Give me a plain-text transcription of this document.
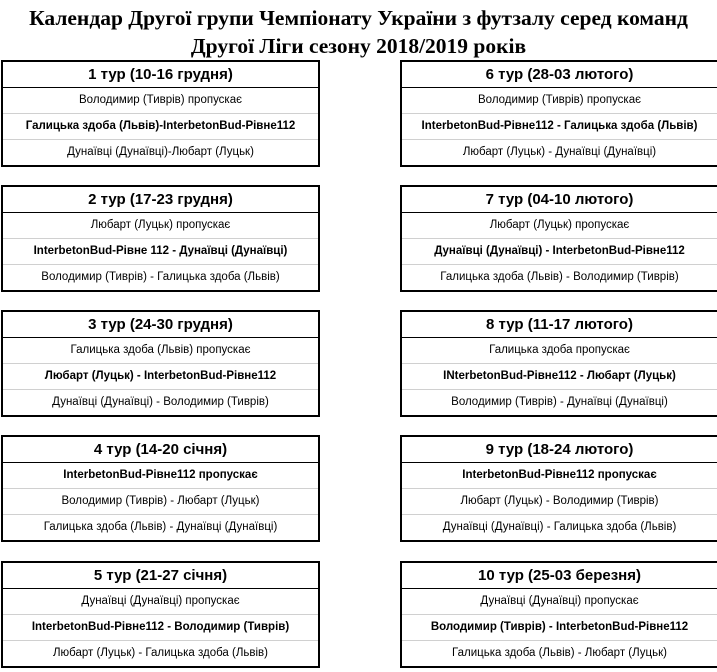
Календар Другої групи Чемпіонату України з футзалу серед команд
Другої Ліги сезону 2018/2019 років
1 тур (10-16 грудня)
Володимир (Тиврів) пропускає
Галицька здоба (Львів)-InterbetonBud-Рівне112
Дунаївці (Дунаївці)-Любарт (Луцьк)
2 тур (17-23 грудня)
Любарт (Луцьк) пропускає
InterbetonBud-Рівне 112 - Дунаївці (Дунаївці)
Володимир (Тиврів) - Галицька здоба (Львів)
3 тур (24-30 грудня)
Галицька здоба (Львів) пропускає
Любарт (Луцьк) - InterbetonBud-Рівне112
Дунаївці (Дунаївці) - Володимир (Тиврів)
4 тур (14-20 січня)
InterbetonBud-Рівне112 пропускає
Володимир (Тиврів) - Любарт (Луцьк)
Галицька здоба (Львів) - Дунаївці (Дунаївці)
5 тур (21-27 січня)
Дунаївці (Дунаївці) пропускає
InterbetonBud-Рівне112 - Володимир (Тиврів)
Любарт (Луцьк) - Галицька здоба (Львів)
6 тур (28-03 лютого)
Володимир (Тиврів) пропускає
InterbetonBud-Рівне112 - Галицька здоба (Львів)
Любарт (Луцьк) - Дунаївці (Дунаївці)
7 тур (04-10 лютого)
Любарт (Луцьк) пропускає
Дунаївці (Дунаївці) - InterbetonBud-Рівне112
Галицька здоба (Львів) - Володимир (Тиврів)
8 тур (11-17 лютого)
Галицька здоба пропускає
INterbetonBud-Рівне112 - Любарт (Луцьк)
Володимир (Тиврів) - Дунаївці (Дунаївці)
9 тур (18-24 лютого)
InterbetonBud-Рівне112 пропускає
Любарт (Луцьк) - Володимир (Тиврів)
Дунаївці (Дунаївці) - Галицька здоба (Львів)
10 тур (25-03 березня)
Дунаївці (Дунаївці) пропускає
Володимир (Тиврів) - InterbetonBud-Рівне112
Галицька здоба (Львів) - Любарт (Луцьк)
